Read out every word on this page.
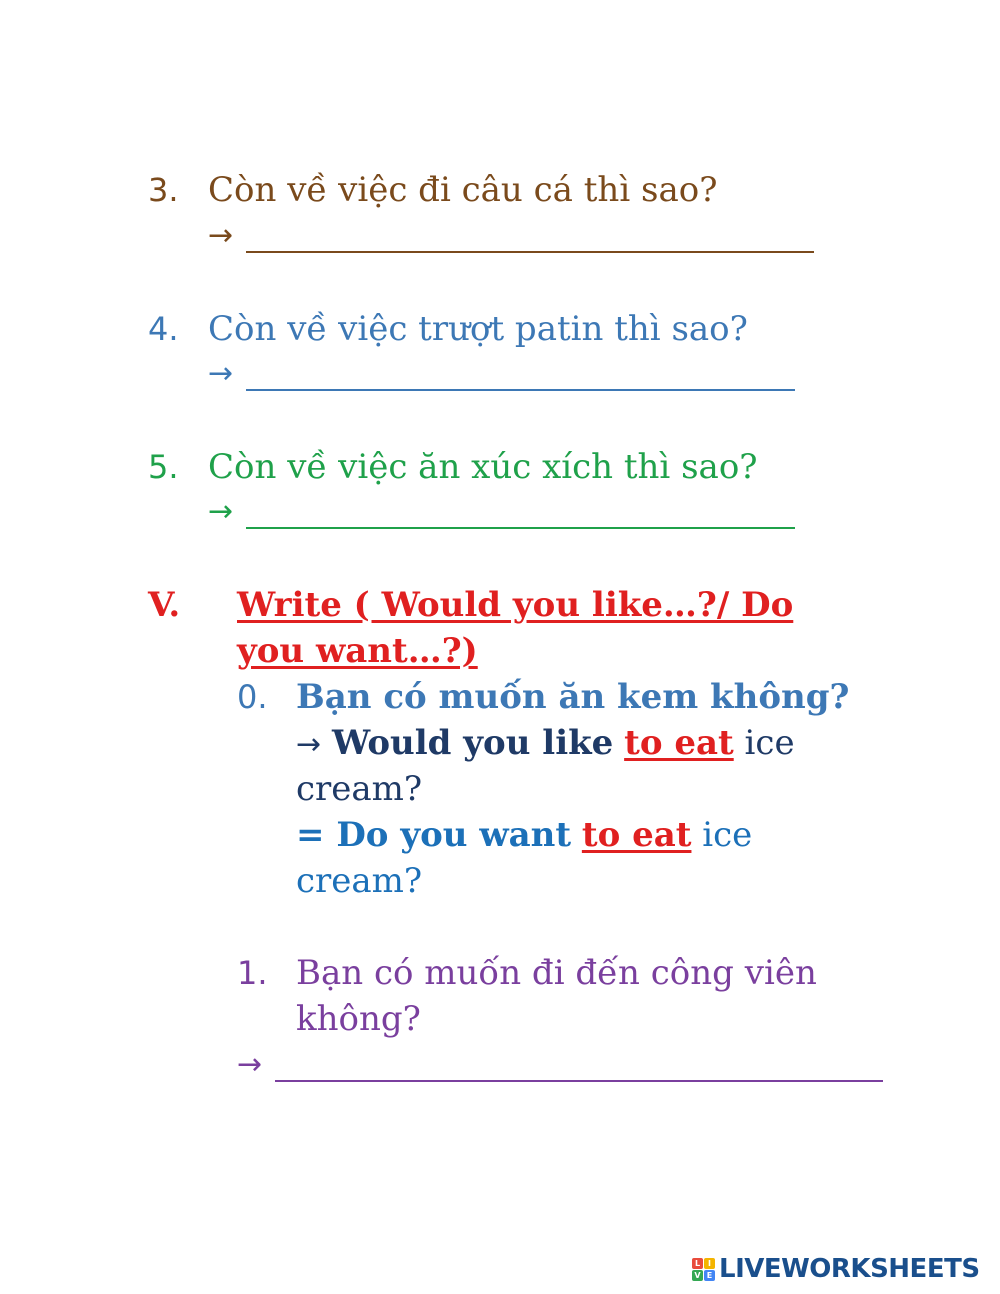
3. Còn về việc đi câu cá thì sao?
→
4. Còn về việc trượt patin thì sao?
→
5. Còn về việc ăn xúc xích thì sao?
→
V. Write ( Would you like…?/ Do
you want…?)
0. Bạn có muốn ăn kem không?
→ Would you like to eat ice
cream?
= Do you want to eat ice
cream?
1. Bạn có muốn đi đến công viên
không?
→
L I
V E LIVEWORKSHEETS
